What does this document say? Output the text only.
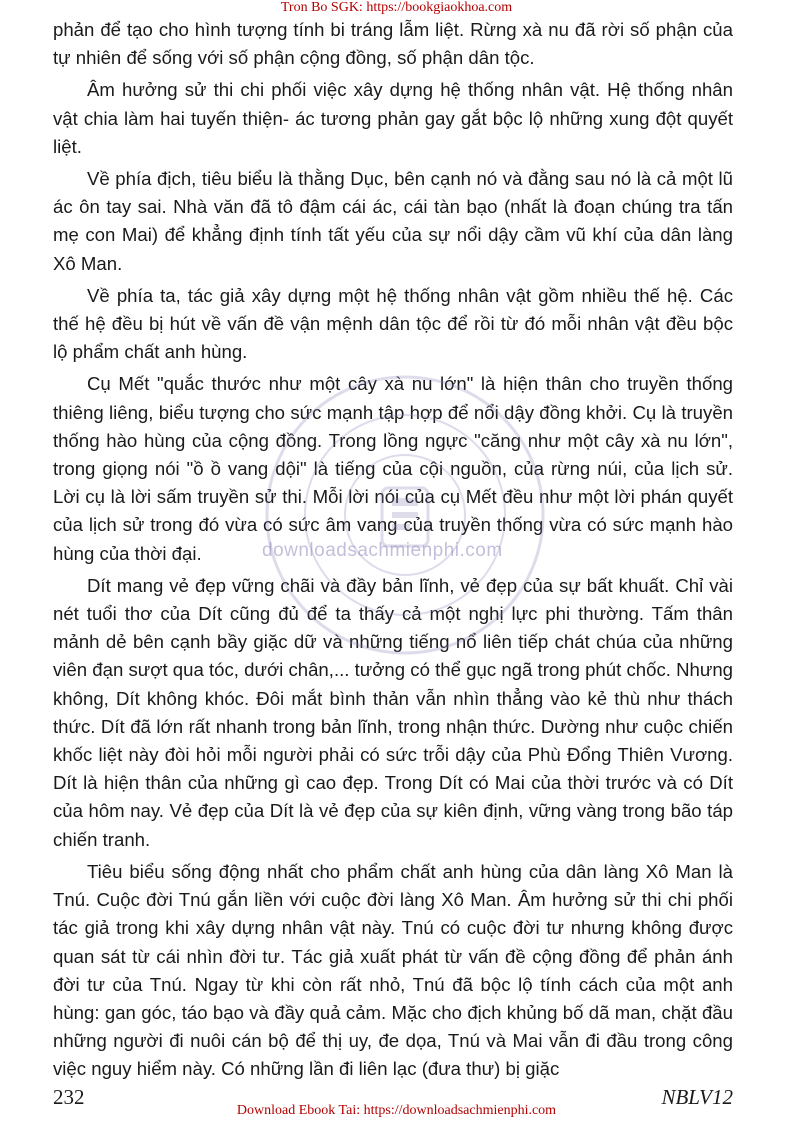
Tron Bo SGK: https://bookgiaokhoa.com

phản để tạo cho hình tượng tính bi tráng lẫm liệt. Rừng xà nu đã rời số phận của tự nhiên để sống với số phận cộng đồng, số phận dân tộc.

Âm hưởng sử thi chi phối việc xây dựng hệ thống nhân vật. Hệ thống nhân vật chia làm hai tuyến thiện- ác tương phản gay gắt bộc lộ những xung đột quyết liệt.

Về phía địch, tiêu biểu là thằng Dục, bên cạnh nó và đằng sau nó là cả một lũ ác ôn tay sai. Nhà văn đã tô đậm cái ác, cái tàn bạo (nhất là đoạn chúng tra tấn mẹ con Mai) để khẳng định tính tất yếu của sự nổi dậy cầm vũ khí của dân làng Xô Man.

Về phía ta, tác giả xây dựng một hệ thống nhân vật gồm nhiều thế hệ. Các thế hệ đều bị hút về vấn đề vận mệnh dân tộc để rồi từ đó mỗi nhân vật đều bộc lộ phẩm chất anh hùng.

Cụ Mết "quắc thước như một cây xà nu lớn" là hiện thân cho truyền thống thiêng liêng, biểu tượng cho sức mạnh tập hợp để nổi dậy đồng khởi. Cụ là truyền thống hào hùng của cộng đồng. Trong lồng ngực "căng như một cây xà nu lớn", trong giọng nói "ồ ồ vang dội" là tiếng của cội nguồn, của rừng núi, của lịch sử. Lời cụ là lời sấm truyền sử thi. Mỗi lời nói của cụ Mết đều như một lời phán quyết của lịch sử trong đó vừa có sức âm vang của truyền thống vừa có sức mạnh hào hùng của thời đại.

Dít mang vẻ đẹp vững chãi và đầy bản lĩnh, vẻ đẹp của sự bất khuất. Chỉ vài nét tuổi thơ của Dít cũng đủ để ta thấy cả một nghị lực phi thường. Tấm thân mảnh dẻ bên cạnh bầy giặc dữ và những tiếng nổ liên tiếp chát chúa của những viên đạn sượt qua tóc, dưới chân,... tưởng có thể gục ngã trong phút chốc. Nhưng không, Dít không khóc. Đôi mắt bình thản vẫn nhìn thẳng vào kẻ thù như thách thức. Dít đã lớn rất nhanh trong bản lĩnh, trong nhận thức. Dường như cuộc chiến khốc liệt này đòi hỏi mỗi người phải có sức trỗi dậy của Phù Đổng Thiên Vương. Dít là hiện thân của những gì cao đẹp. Trong Dít có Mai của thời trước và có Dít của hôm nay. Vẻ đẹp của Dít là vẻ đẹp của sự kiên định, vững vàng trong bão táp chiến tranh.

Tiêu biểu sống động nhất cho phẩm chất anh hùng của dân làng Xô Man là Tnú. Cuộc đời Tnú gắn liền với cuộc đời làng Xô Man. Âm hưởng sử thi chi phối tác giả trong khi xây dựng nhân vật này. Tnú có cuộc đời tư nhưng không được quan sát từ cái nhìn đời tư. Tác giả xuất phát từ vấn đề cộng đồng để phản ánh đời tư của Tnú. Ngay từ khi còn rất nhỏ, Tnú đã bộc lộ tính cách của một anh hùng: gan góc, táo bạo và đầy quả cảm. Mặc cho địch khủng bố dã man, chặt đầu những người đi nuôi cán bộ để thị uy, đe dọa, Tnú và Mai vẫn đi đầu trong công việc nguy hiểm này. Có những lần đi liên lạc (đưa thư) bị giặc

downloadsachmienphi.com
232	NBLV12
Download Ebook Tai: https://downloadsachmienphi.com
